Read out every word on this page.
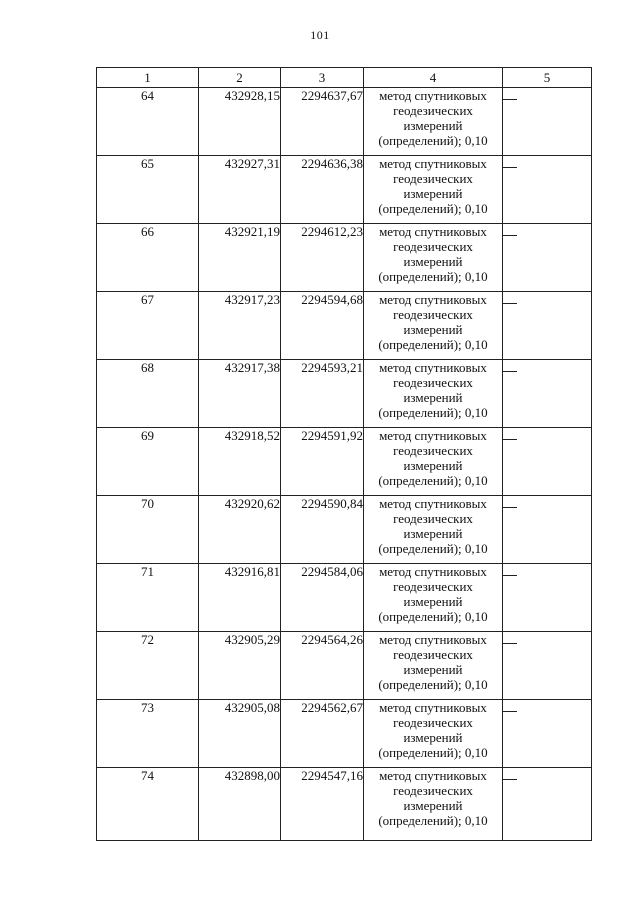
101
1	2	3	4	5
64	432928,15	2294637,67	метод спутниковых
геодезических
измерений
(определений); 0,10	

65	432927,31	2294636,38	метод спутниковых
геодезических
измерений
(определений); 0,10	

66	432921,19	2294612,23	метод спутниковых
геодезических
измерений
(определений); 0,10	

67	432917,23	2294594,68	метод спутниковых
геодезических
измерений
(определений); 0,10	

68	432917,38	2294593,21	метод спутниковых
геодезических
измерений
(определений); 0,10	

69	432918,52	2294591,92	метод спутниковых
геодезических
измерений
(определений); 0,10	

70	432920,62	2294590,84	метод спутниковых
геодезических
измерений
(определений); 0,10	

71	432916,81	2294584,06	метод спутниковых
геодезических
измерений
(определений); 0,10	

72	432905,29	2294564,26	метод спутниковых
геодезических
измерений
(определений); 0,10	

73	432905,08	2294562,67	метод спутниковых
геодезических
измерений
(определений); 0,10	

74	432898,00	2294547,16	метод спутниковых
геодезических
измерений
(определений); 0,10	
